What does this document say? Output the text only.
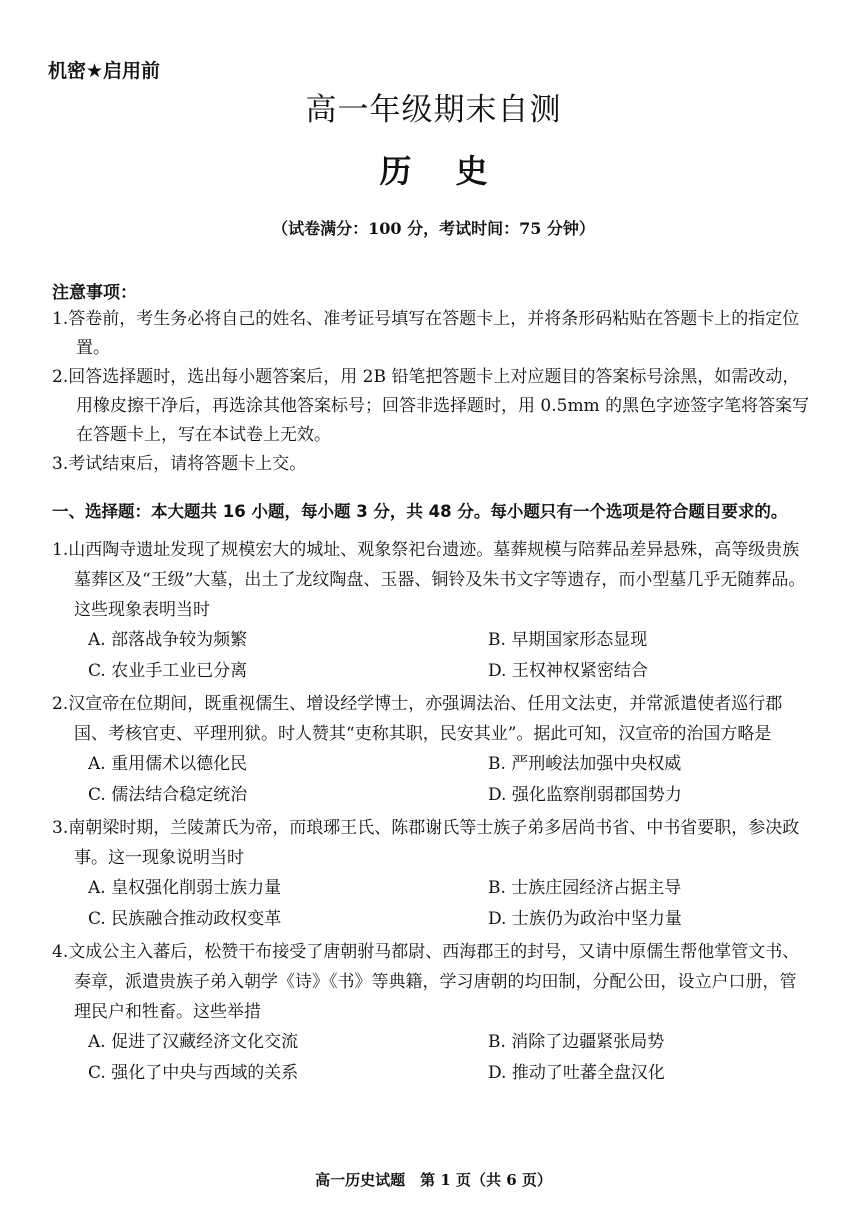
机密★启用前
高一年级期末自测
历史
（试卷满分：100 分，考试时间：75 分钟）
注意事项：
1.答卷前，考生务必将自己的姓名、准考证号填写在答题卡上，并将条形码粘贴在答题卡上的指定位置。
2.回答选择题时，选出每小题答案后，用 2B 铅笔把答题卡上对应题目的答案标号涂黑，如需改动，用橡皮擦干净后，再选涂其他答案标号；回答非选择题时，用 0.5mm 的黑色字迹签字笔将答案写在答题卡上，写在本试卷上无效。
3.考试结束后，请将答题卡上交。
一、选择题：本大题共 16 小题，每小题 3 分，共 48 分。每小题只有一个选项是符合题目要求的。
1.山西陶寺遗址发现了规模宏大的城址、观象祭祀台遗迹。墓葬规模与陪葬品差异悬殊，高等级贵族墓葬区及“王级”大墓，出土了龙纹陶盘、玉器、铜铃及朱书文字等遗存，而小型墓几乎无随葬品。这些现象表明当时
A. 部落战争较为频繁	B. 早期国家形态显现
C. 农业手工业已分离	D. 王权神权紧密结合
2.汉宣帝在位期间，既重视儒生、增设经学博士，亦强调法治、任用文法吏，并常派遣使者巡行郡国、考核官吏、平理刑狱。时人赞其“吏称其职，民安其业”。据此可知，汉宣帝的治国方略是
A. 重用儒术以德化民	B. 严刑峻法加强中央权威
C. 儒法结合稳定统治	D. 强化监察削弱郡国势力
3.南朝梁时期，兰陵萧氏为帝，而琅琊王氏、陈郡谢氏等士族子弟多居尚书省、中书省要职，参决政事。这一现象说明当时
A. 皇权强化削弱士族力量	B. 士族庄园经济占据主导
C. 民族融合推动政权变革	D. 士族仍为政治中坚力量
4.文成公主入蕃后，松赞干布接受了唐朝驸马都尉、西海郡王的封号，又请中原儒生帮他掌管文书、奏章，派遣贵族子弟入朝学《诗》《书》等典籍，学习唐朝的均田制，分配公田，设立户口册，管理民户和牲畜。这些举措
A. 促进了汉藏经济文化交流	B. 消除了边疆紧张局势
C. 强化了中央与西域的关系	D. 推动了吐蕃全盘汉化
高一历史试题　第 1 页（共 6 页）
